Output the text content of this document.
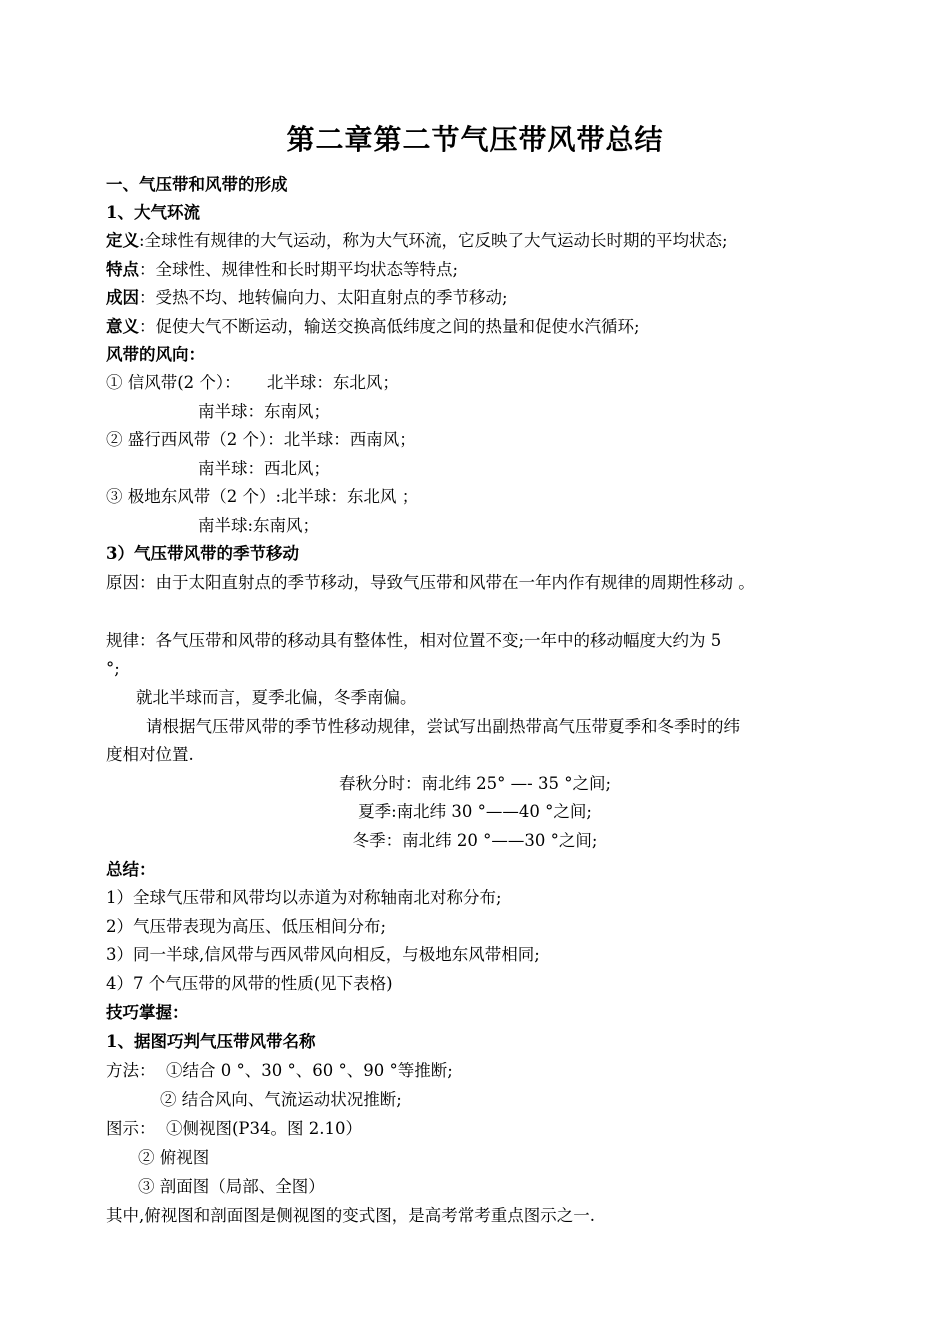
第二章第二节气压带风带总结
一、气压带和风带的形成
1、大气环流
定义:全球性有规律的大气运动，称为大气环流，它反映了大气运动长时期的平均状态;
特点：全球性、规律性和长时期平均状态等特点;
成因：受热不均、地转偏向力、太阳直射点的季节移动;
意义：促使大气不断运动，输送交换高低纬度之间的热量和促使水汽循环;
风带的风向：
① 信风带(2 个）：     北半球：东北风；
南半球：东南风；
② 盛行西风带（2 个）：北半球：西南风；
南半球：西北风；
③ 极地东风带（2 个）:北半球：东北风 ；
南半球:东南风；
3）气压带风带的季节移动
原因：由于太阳直射点的季节移动，导致气压带和风带在一年内作有规律的周期性移动 。
规律：各气压带和风带的移动具有整体性，相对位置不变;一年中的移动幅度大约为 5
°;
就北半球而言，夏季北偏，冬季南偏。
请根据气压带风带的季节性移动规律，尝试写出副热带高气压带夏季和冬季时的纬
度相对位置.
春秋分时：南北纬 25° —- 35 °之间;
夏季:南北纬 30 °——40 °之间;
冬季：南北纬 20 °——30 °之间;
总结：
1）全球气压带和风带均以赤道为对称轴南北对称分布;
2）气压带表现为高压、低压相间分布;
3）同一半球,信风带与西风带风向相反，与极地东风带相同;
4）7 个气压带的风带的性质(见下表格)
技巧掌握：
1、据图巧判气压带风带名称
方法：  ①结合 0 °、30 °、60 °、90 °等推断;
② 结合风向、气流运动状况推断;
图示：  ①侧视图(P34。图 2.10）
② 俯视图
③ 剖面图（局部、全图）
其中,俯视图和剖面图是侧视图的变式图，是高考常考重点图示之一.
